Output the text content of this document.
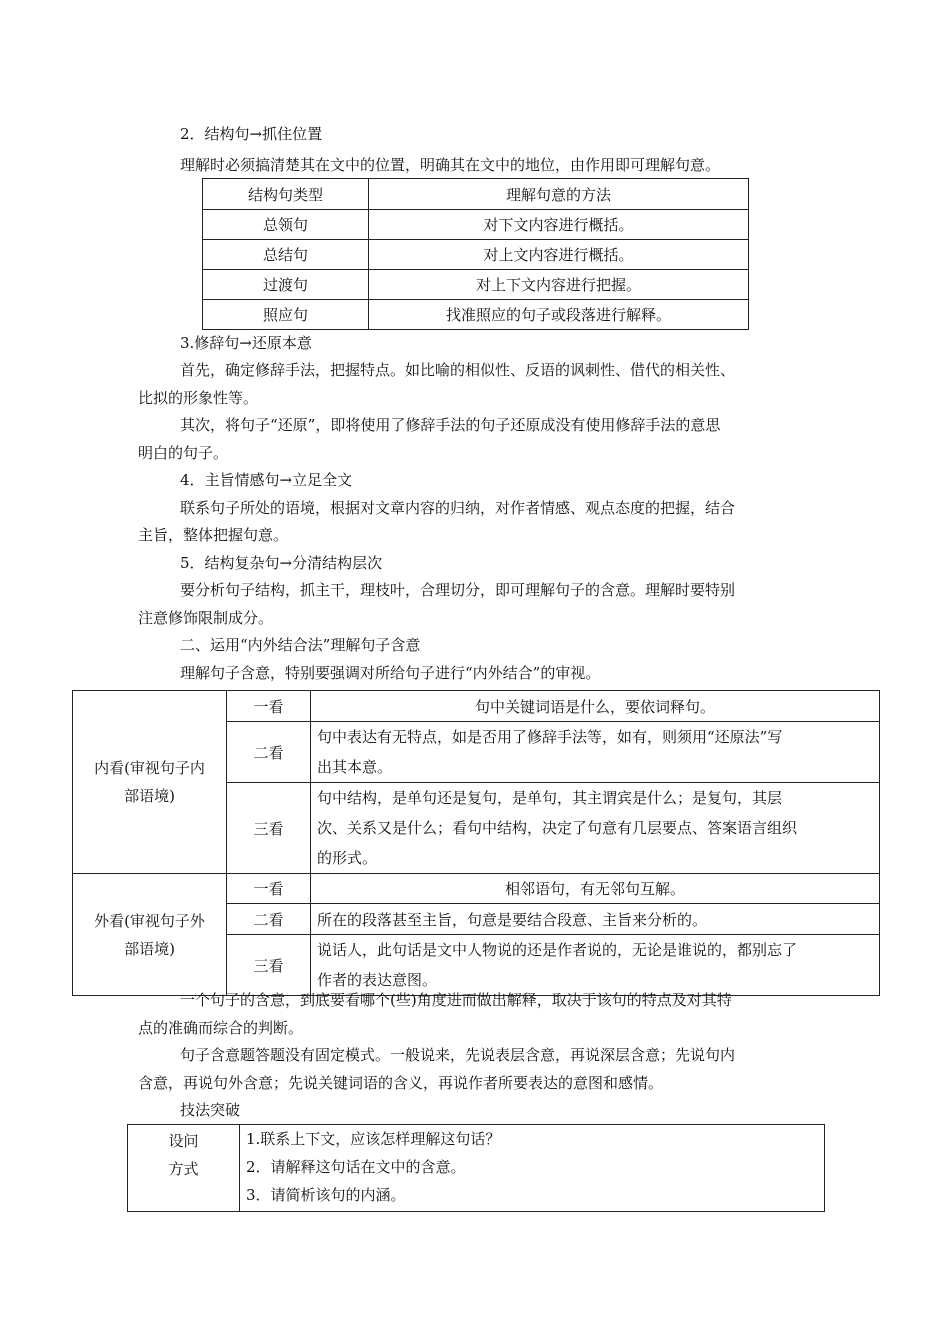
2．结构句→抓住位置
理解时必须搞清楚其在文中的位置，明确其在文中的地位，由作用即可理解句意。
结构句类型	理解句意的方法
总领句	对下文内容进行概括。
总结句	对上文内容进行概括。
过渡句	对上下文内容进行把握。
照应句	找准照应的句子或段落进行解释。
3.修辞句→还原本意
首先，确定修辞手法，把握特点。如比喻的相似性、反语的讽刺性、借代的相关性、
比拟的形象性等。
其次，将句子“还原”，即将使用了修辞手法的句子还原成没有使用修辞手法的意思
明白的句子。
4．主旨情感句→立足全文
联系句子所处的语境，根据对文章内容的归纳，对作者情感、观点态度的把握，结合
主旨，整体把握句意。
5．结构复杂句→分清结构层次
要分析句子结构，抓主干，理枝叶，合理切分，即可理解句子的含意。理解时要特别
注意修饰限制成分。
二、运用“内外结合法”理解句子含意
理解句子含意，特别要强调对所给句子进行“内外结合”的审视。
内看(审视句子内
部语境)	一看	句中关键词语是什么，要依词释句。
	二看	句中表达有无特点，如是否用了修辞手法等，如有，则须用“还原法”写
出其本意。
	三看	句中结构，是单句还是复句，是单句，其主谓宾是什么；是复句，其层
次、关系又是什么；看句中结构，决定了句意有几层要点、答案语言组织
的形式。
外看(审视句子外
部语境)	一看	相邻语句，有无邻句互解。
	二看	所在的段落甚至主旨，句意是要结合段意、主旨来分析的。
	三看	说话人，此句话是文中人物说的还是作者说的，无论是谁说的，都别忘了
作者的表达意图。
一个句子的含意，到底要看哪个(些)角度进而做出解释，取决于该句的特点及对其特
点的准确而综合的判断。
句子含意题答题没有固定模式。一般说来，先说表层含意，再说深层含意；先说句内
含意，再说句外含意；先说关键词语的含义，再说作者所要表达的意图和感情。
技法突破
设问
方式	1.联系上下文，应该怎样理解这句话？
2．请解释这句话在文中的含意。
3．请简析该句的内涵。
